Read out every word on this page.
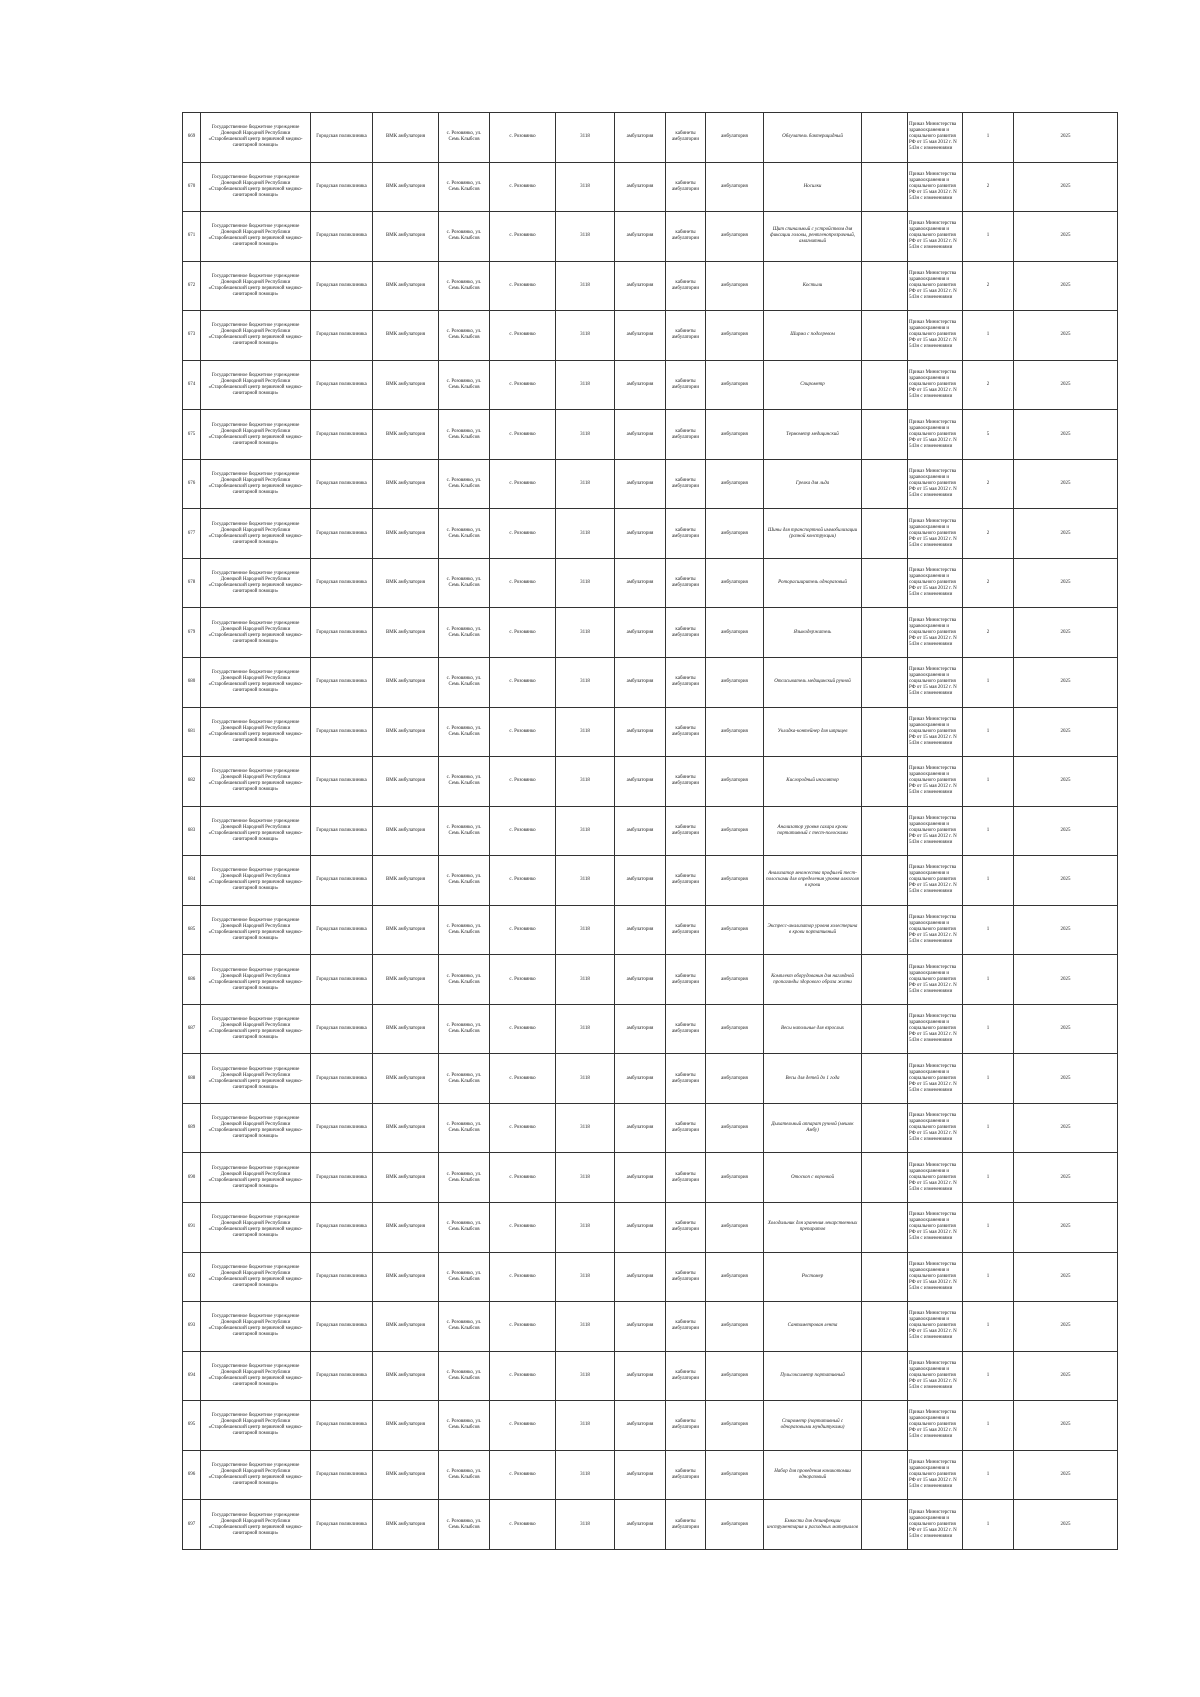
669	Государственное бюджетное учреждение Донецкой Народной Республики «Старобешевский центр первичной медико-санитарной помощи»	Городская поликлиника	ВМК амбулатория	с. Розовянко, ул. Семь Клыбсов	с. Розовянко	3118	амбулатория	кабинеты амбулатории	амбулатория	Облучатель бактерицидный		Приказ Министерства здравоохранения и социального развития РФ от 15 мая 2012 г. N 543н с изменениями	1	2025
670	Государственное бюджетное учреждение Донецкой Народной Республики «Старобешевский центр первичной медико-санитарной помощи»	Городская поликлиника	ВМК амбулатория	с. Розовянко, ул. Семь Клыбсов	с. Розовянко	3118	амбулатория	кабинеты амбулатории	амбулатория	Носилки		Приказ Министерства здравоохранения и социального развития РФ от 15 мая 2012 г. N 543н с изменениями	2	2025
671	Государственное бюджетное учреждение Донецкой Народной Республики «Старобешевский центр первичной медико-санитарной помощи»	Городская поликлиника	ВМК амбулатория	с. Розовянко, ул. Семь Клыбсов	с. Розовянко	3118	амбулатория	кабинеты амбулатории	амбулатория	Щит спинальный с устройством для фиксации головы, рентгенопрозрачный, амагнитный		Приказ Министерства здравоохранения и социального развития РФ от 15 мая 2012 г. N 543н с изменениями	1	2025
672	Государственное бюджетное учреждение Донецкой Народной Республики «Старобешевский центр первичной медико-санитарной помощи»	Городская поликлиника	ВМК амбулатория	с. Розовянко, ул. Семь Клыбсов	с. Розовянко	3118	амбулатория	кабинеты амбулатории	амбулатория	Костыли		Приказ Министерства здравоохранения и социального развития РФ от 15 мая 2012 г. N 543н с изменениями	2	2025
673	Государственное бюджетное учреждение Донецкой Народной Республики «Старобешевский центр первичной медико-санитарной помощи»	Городская поликлиника	ВМК амбулатория	с. Розовянко, ул. Семь Клыбсов	с. Розовянко	3118	амбулатория	кабинеты амбулатории	амбулатория	Ширма с подогревом		Приказ Министерства здравоохранения и социального развития РФ от 15 мая 2012 г. N 543н с изменениями	1	2025
674	Государственное бюджетное учреждение Донецкой Народной Республики «Старобешевский центр первичной медико-санитарной помощи»	Городская поликлиника	ВМК амбулатория	с. Розовянко, ул. Семь Клыбсов	с. Розовянко	3118	амбулатория	кабинеты амбулатории	амбулатория	Спирометр		Приказ Министерства здравоохранения и социального развития РФ от 15 мая 2012 г. N 543н с изменениями	2	2025
675	Государственное бюджетное учреждение Донецкой Народной Республики «Старобешевский центр первичной медико-санитарной помощи»	Городская поликлиника	ВМК амбулатория	с. Розовянко, ул. Семь Клыбсов	с. Розовянко	3118	амбулатория	кабинеты амбулатории	амбулатория	Термометр медицинский		Приказ Министерства здравоохранения и социального развития РФ от 15 мая 2012 г. N 543н с изменениями	5	2025
676	Государственное бюджетное учреждение Донецкой Народной Республики «Старобешевский центр первичной медико-санитарной помощи»	Городская поликлиника	ВМК амбулатория	с. Розовянко, ул. Семь Клыбсов	с. Розовянко	3118	амбулатория	кабинеты амбулатории	амбулатория	Грелка для льда		Приказ Министерства здравоохранения и социального развития РФ от 15 мая 2012 г. N 543н с изменениями	2	2025
677	Государственное бюджетное учреждение Донецкой Народной Республики «Старобешевский центр первичной медико-санитарной помощи»	Городская поликлиника	ВМК амбулатория	с. Розовянко, ул. Семь Клыбсов	с. Розовянко	3118	амбулатория	кабинеты амбулатории	амбулатория	Шины для транспортной иммобилизации (разной конструкции)		Приказ Министерства здравоохранения и социального развития РФ от 15 мая 2012 г. N 543н с изменениями	2	2025
678	Государственное бюджетное учреждение Донецкой Народной Республики «Старобешевский центр первичной медико-санитарной помощи»	Городская поликлиника	ВМК амбулатория	с. Розовянко, ул. Семь Клыбсов	с. Розовянко	3118	амбулатория	кабинеты амбулатории	амбулатория	Роторасширитель одноразовый		Приказ Министерства здравоохранения и социального развития РФ от 15 мая 2012 г. N 543н с изменениями	2	2025
679	Государственное бюджетное учреждение Донецкой Народной Республики «Старобешевский центр первичной медико-санитарной помощи»	Городская поликлиника	ВМК амбулатория	с. Розовянко, ул. Семь Клыбсов	с. Розовянко	3118	амбулатория	кабинеты амбулатории	амбулатория	Языкодержатель		Приказ Министерства здравоохранения и социального развития РФ от 15 мая 2012 г. N 543н с изменениями	2	2025
680	Государственное бюджетное учреждение Донецкой Народной Республики «Старобешевский центр первичной медико-санитарной помощи»	Городская поликлиника	ВМК амбулатория	с. Розовянко, ул. Семь Клыбсов	с. Розовянко	3118	амбулатория	кабинеты амбулатории	амбулатория	Отсасыватель медицинский ручной		Приказ Министерства здравоохранения и социального развития РФ от 15 мая 2012 г. N 543н с изменениями	1	2025
681	Государственное бюджетное учреждение Донецкой Народной Республики «Старобешевский центр первичной медико-санитарной помощи»	Городская поликлиника	ВМК амбулатория	с. Розовянко, ул. Семь Клыбсов	с. Розовянко	3118	амбулатория	кабинеты амбулатории	амбулатория	Укладка-контейнер для шприцев		Приказ Министерства здравоохранения и социального развития РФ от 15 мая 2012 г. N 543н с изменениями	1	2025
682	Государственное бюджетное учреждение Донецкой Народной Республики «Старобешевский центр первичной медико-санитарной помощи»	Городская поликлиника	ВМК амбулатория	с. Розовянко, ул. Семь Клыбсов	с. Розовянко	3118	амбулатория	кабинеты амбулатории	амбулатория	Кислородный ингалятор		Приказ Министерства здравоохранения и социального развития РФ от 15 мая 2012 г. N 543н с изменениями	1	2025
683	Государственное бюджетное учреждение Донецкой Народной Республики «Старобешевский центр первичной медико-санитарной помощи»	Городская поликлиника	ВМК амбулатория	с. Розовянко, ул. Семь Клыбсов	с. Розовянко	3118	амбулатория	кабинеты амбулатории	амбулатория	Анализатор уровня сахара крови портативный с тест-полосками		Приказ Министерства здравоохранения и социального развития РФ от 15 мая 2012 г. N 543н с изменениями	1	2025
684	Государственное бюджетное учреждение Донецкой Народной Республики «Старобешевский центр первичной медико-санитарной помощи»	Городская поликлиника	ВМК амбулатория	с. Розовянко, ул. Семь Клыбсов	с. Розовянко	3118	амбулатория	кабинеты амбулатории	амбулатория	Анализатор множества профилей тест-полосками для определения уровня алкоголя в крови		Приказ Министерства здравоохранения и социального развития РФ от 15 мая 2012 г. N 543н с изменениями	1	2025
685	Государственное бюджетное учреждение Донецкой Народной Республики «Старобешевский центр первичной медико-санитарной помощи»	Городская поликлиника	ВМК амбулатория	с. Розовянко, ул. Семь Клыбсов	с. Розовянко	3118	амбулатория	кабинеты амбулатории	амбулатория	Экспресс-анализатор уровня холестерина в крови портативный		Приказ Министерства здравоохранения и социального развития РФ от 15 мая 2012 г. N 543н с изменениями	1	2025
686	Государственное бюджетное учреждение Донецкой Народной Республики «Старобешевский центр первичной медико-санитарной помощи»	Городская поликлиника	ВМК амбулатория	с. Розовянко, ул. Семь Клыбсов	с. Розовянко	3118	амбулатория	кабинеты амбулатории	амбулатория	Комплект оборудования для наглядной пропаганды здорового образа жизни		Приказ Министерства здравоохранения и социального развития РФ от 15 мая 2012 г. N 543н с изменениями	1	2025
687	Государственное бюджетное учреждение Донецкой Народной Республики «Старобешевский центр первичной медико-санитарной помощи»	Городская поликлиника	ВМК амбулатория	с. Розовянко, ул. Семь Клыбсов	с. Розовянко	3118	амбулатория	кабинеты амбулатории	амбулатория	Весы напольные для взрослых		Приказ Министерства здравоохранения и социального развития РФ от 15 мая 2012 г. N 543н с изменениями	1	2025
688	Государственное бюджетное учреждение Донецкой Народной Республики «Старобешевский центр первичной медико-санитарной помощи»	Городская поликлиника	ВМК амбулатория	с. Розовянко, ул. Семь Клыбсов	с. Розовянко	3118	амбулатория	кабинеты амбулатории	амбулатория	Весы для детей до 1 года		Приказ Министерства здравоохранения и социального развития РФ от 15 мая 2012 г. N 543н с изменениями	1	2025
689	Государственное бюджетное учреждение Донецкой Народной Республики «Старобешевский центр первичной медико-санитарной помощи»	Городская поликлиника	ВМК амбулатория	с. Розовянко, ул. Семь Клыбсов	с. Розовянко	3118	амбулатория	кабинеты амбулатории	амбулатория	Дыхательный аппарат ручной (мешок Амбу)		Приказ Министерства здравоохранения и социального развития РФ от 15 мая 2012 г. N 543н с изменениями	1	2025
690	Государственное бюджетное учреждение Донецкой Народной Республики «Старобешевский центр первичной медико-санитарной помощи»	Городская поликлиника	ВМК амбулатория	с. Розовянко, ул. Семь Клыбсов	с. Розовянко	3118	амбулатория	кабинеты амбулатории	амбулатория	Отоскоп с воронкой		Приказ Министерства здравоохранения и социального развития РФ от 15 мая 2012 г. N 543н с изменениями	1	2025
691	Государственное бюджетное учреждение Донецкой Народной Республики «Старобешевский центр первичной медико-санитарной помощи»	Городская поликлиника	ВМК амбулатория	с. Розовянко, ул. Семь Клыбсов	с. Розовянко	3118	амбулатория	кабинеты амбулатории	амбулатория	Холодильник для хранения лекарственных препаратов		Приказ Министерства здравоохранения и социального развития РФ от 15 мая 2012 г. N 543н с изменениями	1	2025
692	Государственное бюджетное учреждение Донецкой Народной Республики «Старобешевский центр первичной медико-санитарной помощи»	Городская поликлиника	ВМК амбулатория	с. Розовянко, ул. Семь Клыбсов	с. Розовянко	3118	амбулатория	кабинеты амбулатории	амбулатория	Ростомер		Приказ Министерства здравоохранения и социального развития РФ от 15 мая 2012 г. N 543н с изменениями	1	2025
693	Государственное бюджетное учреждение Донецкой Народной Республики «Старобешевский центр первичной медико-санитарной помощи»	Городская поликлиника	ВМК амбулатория	с. Розовянко, ул. Семь Клыбсов	с. Розовянко	3118	амбулатория	кабинеты амбулатории	амбулатория	Сантиметровая лента		Приказ Министерства здравоохранения и социального развития РФ от 15 мая 2012 г. N 543н с изменениями	1	2025
694	Государственное бюджетное учреждение Донецкой Народной Республики «Старобешевский центр первичной медико-санитарной помощи»	Городская поликлиника	ВМК амбулатория	с. Розовянко, ул. Семь Клыбсов	с. Розовянко	3118	амбулатория	кабинеты амбулатории	амбулатория	Пульсоксиметр портативный		Приказ Министерства здравоохранения и социального развития РФ от 15 мая 2012 г. N 543н с изменениями	1	2025
695	Государственное бюджетное учреждение Донецкой Народной Республики «Старобешевский центр первичной медико-санитарной помощи»	Городская поликлиника	ВМК амбулатория	с. Розовянко, ул. Семь Клыбсов	с. Розовянко	3118	амбулатория	кабинеты амбулатории	амбулатория	Спирометр (портативный с одноразовыми мундштуками)		Приказ Министерства здравоохранения и социального развития РФ от 15 мая 2012 г. N 543н с изменениями	1	2025
696	Государственное бюджетное учреждение Донецкой Народной Республики «Старобешевский центр первичной медико-санитарной помощи»	Городская поликлиника	ВМК амбулатория	с. Розовянко, ул. Семь Клыбсов	с. Розовянко	3118	амбулатория	кабинеты амбулатории	амбулатория	Набор для проведения коникотомии одноразовый		Приказ Министерства здравоохранения и социального развития РФ от 15 мая 2012 г. N 543н с изменениями	1	2025
697	Государственное бюджетное учреждение Донецкой Народной Республики «Старобешевский центр первичной медико-санитарной помощи»	Городская поликлиника	ВМК амбулатория	с. Розовянко, ул. Семь Клыбсов	с. Розовянко	3118	амбулатория	кабинеты амбулатории	амбулатория	Емкости для дезинфекции инструментария и расходных материалов		Приказ Министерства здравоохранения и социального развития РФ от 15 мая 2012 г. N 543н с изменениями	1	2025
